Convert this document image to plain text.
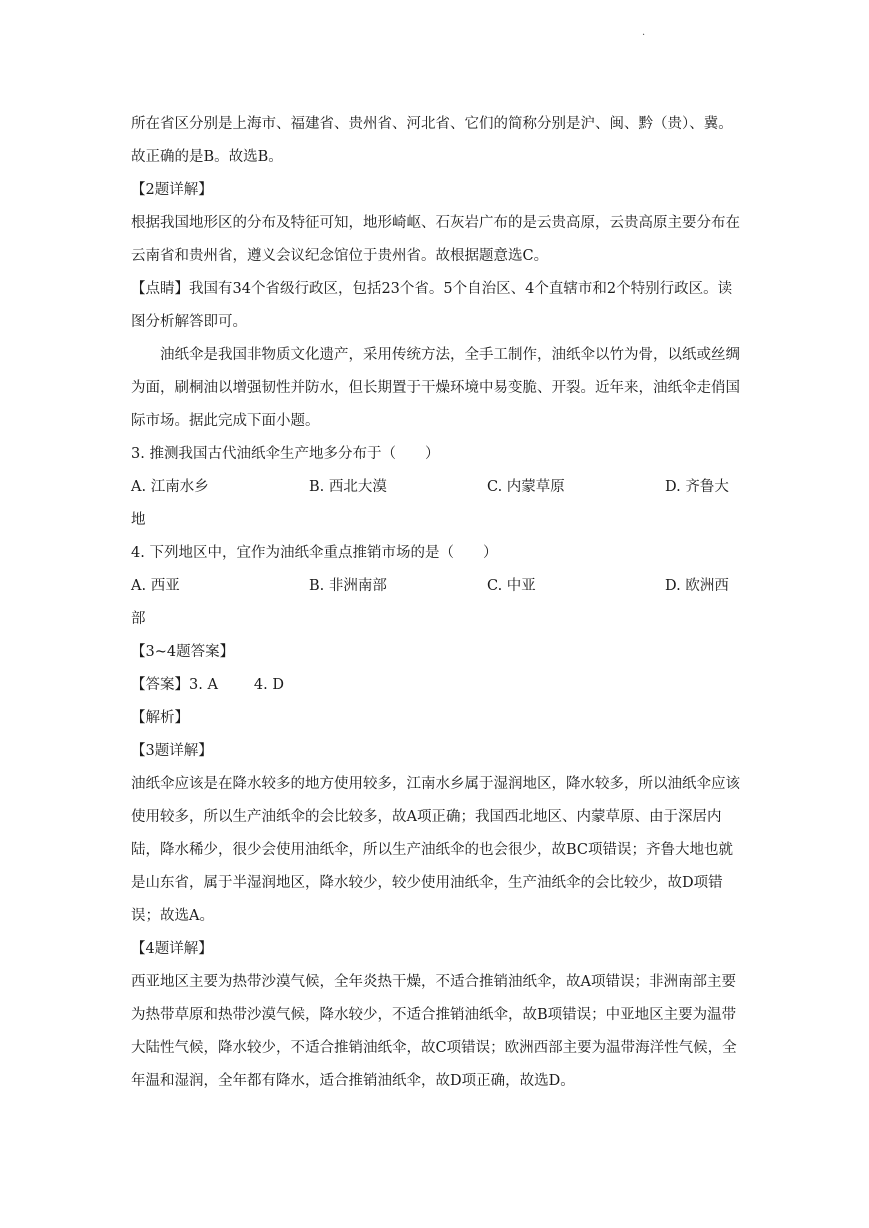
·

所在省区分别是上海市、福建省、贵州省、河北省、它们的简称分别是沪、闽、黔（贵）、冀。故正确的是B。故选B。

【2题详解】

根据我国地形区的分布及特征可知，地形崎岖、石灰岩广布的是云贵高原，云贵高原主要分布在云南省和贵州省，遵义会议纪念馆位于贵州省。故根据题意选C。

【点睛】我国有34个省级行政区，包括23个省。5个自治区、4个直辖市和2个特别行政区。读图分析解答即可。

油纸伞是我国非物质文化遗产，采用传统方法，全手工制作，油纸伞以竹为骨，以纸或丝绸为面，刷桐油以增强韧性并防水，但长期置于干燥环境中易变脆、开裂。近年来，油纸伞走俏国际市场。据此完成下面小题。

3. 推测我国古代油纸伞生产地多分布于（　　）

A. 江南水乡	B. 西北大漠	C. 内蒙草原	D. 齐鲁大

地

4. 下列地区中，宜作为油纸伞重点推销市场的是（　　）

A. 西亚	B. 非洲南部	C. 中亚	D. 欧洲西

部

【3~4题答案】

【答案】3. A 4. D

【解析】

【3题详解】

油纸伞应该是在降水较多的地方使用较多，江南水乡属于湿润地区，降水较多，所以油纸伞应该使用较多，所以生产油纸伞的会比较多，故A项正确；我国西北地区、内蒙草原、由于深居内陆，降水稀少，很少会使用油纸伞，所以生产油纸伞的也会很少，故BC项错误；齐鲁大地也就是山东省，属于半湿润地区，降水较少，较少使用油纸伞，生产油纸伞的会比较少，故D项错误；故选A。

【4题详解】

西亚地区主要为热带沙漠气候，全年炎热干燥，不适合推销油纸伞，故A项错误；非洲南部主要为热带草原和热带沙漠气候，降水较少，不适合推销油纸伞，故B项错误；中亚地区主要为温带大陆性气候，降水较少，不适合推销油纸伞，故C项错误；欧洲西部主要为温带海洋性气候，全年温和湿润，全年都有降水，适合推销油纸伞，故D项正确，故选D。
